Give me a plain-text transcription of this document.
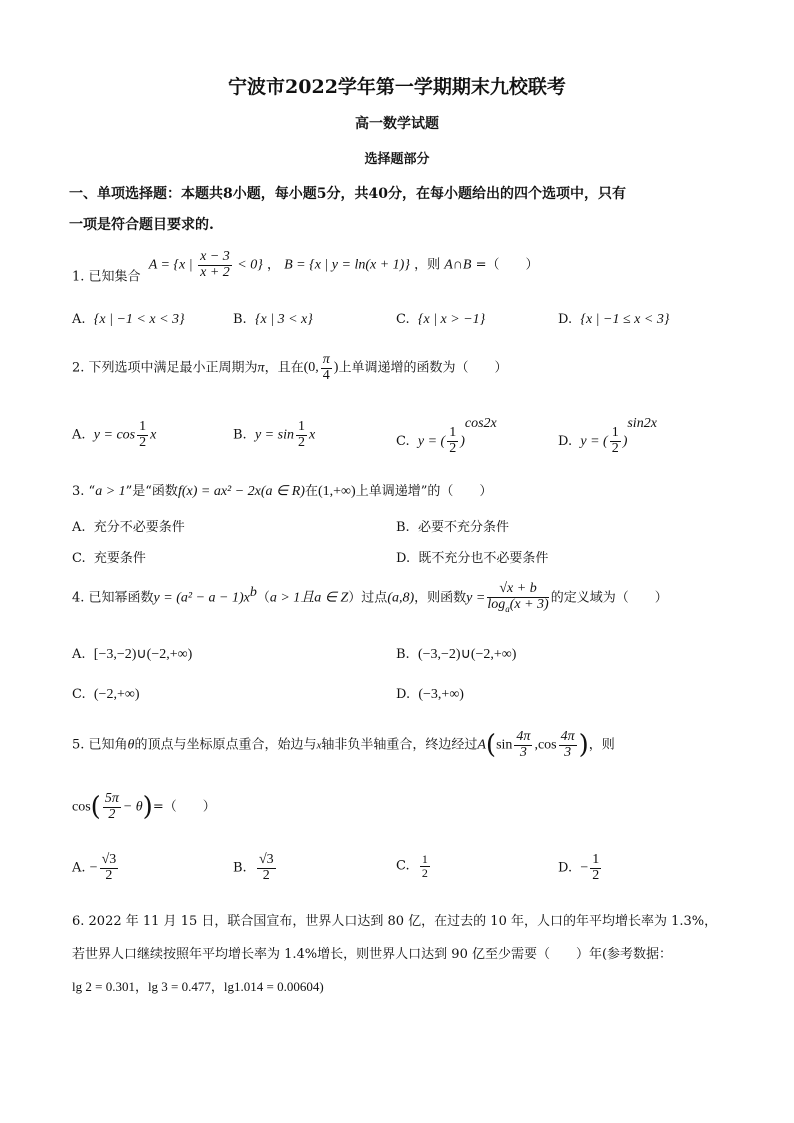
宁波市2022学年第一学期期末九校联考
高一数学试题
选择题部分
一、单项选择题：本题共8小题，每小题5分，共40分，在每小题给出的四个选项中，只有
一项是符合题目要求的.
1. 已知集合 A = {x | $\frac{x - 3}{x + 2} < 0$} ， B = {x | y = ln(x + 1)} ，则 A∩B =（　　）
A. {x | −1 < x < 3}	B. {x | 3 < x}	C. {x | x > −1}	D. {x | −1 ≤ x < 3}
2. 下列选项中满足最小正周期为π，且在(0, $\frac{\pi}{4}$ )上单调递增的函数为（　　）
A. $y = \cos \frac{1}{2}$ x	B. $y = \sin \frac{1}{2}$ x	C. y = ( $\frac{1}{2} )^{cos2x}$
D. y = ( $\frac{1}{2} )^{sin2x}$
3. “a > 1”是“函数f(x) = ax² − 2x(a ∈ R)在(1,+∞)上单调递增”的（　　）
A. 充分不必要条件	B. 必要不充分条件
C. 充要条件	D. 既不充分也不必要条件
4. 已知幂函数$y = (a^2 - a - 1)x^b(a > 1$且a ∈ Z）过点(a,8)，则函数$y = \frac{√x + b}{\log_a(x + 3)}$ 的定义域为（　　）
A. [−3,−2)∪(−2,+∞)	B. (−3,−2)∪(−2,+∞)
C. (−2,+∞)	D. (−3,+∞)
5. 已知角θ的顶点与坐标原点重合，始边与x轴非负半轴重合，终边经过$A(\sin \frac{4\pi}{3} ,\cos \frac{4\pi}{3}$ )，则
$\cos( \frac{5\pi}{2} - \theta)=$（　　）
A. − $\frac{√3}{2}$	B. $\frac{√3}{2}$	C. $\frac{1}{2}$	D. − $\frac{1}{2}$
6. 2022 年 11 月 15 日，联合国宣布，世界人口达到 80 亿，在过去的 10 年，人口的年平均增长率为 1.3%，
若世界人口继续按照年平均增长率为 1.4%增长，则世界人口达到 90 亿至少需要（　　）年(参考数据：
lg 2 = 0.301，lg 3 = 0.477，lg1.014 = 0.00604)
